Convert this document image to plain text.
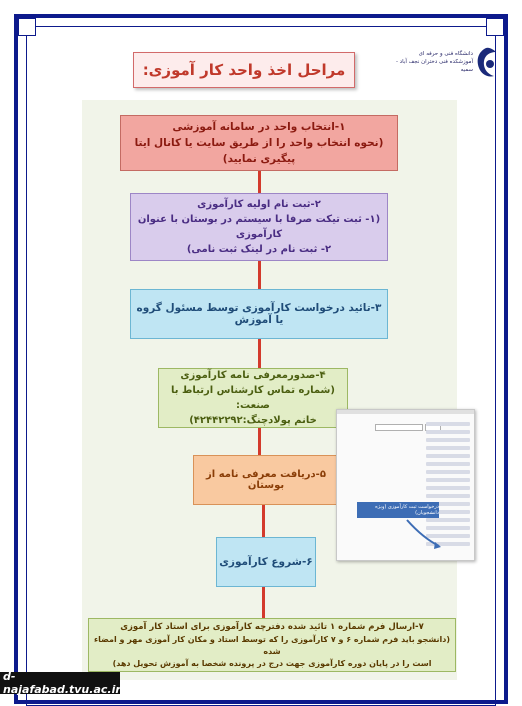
مراحل اخذ واحد کار آموزی:
دانشگاه فنی و حرفه ای
آموزشکده فنی دختران نجف آباد - سمیه
۱-انتخاب واحد در سامانه آموزشی
(نحوه انتخاب واحد را از طریق سایت یا کانال ایتا پیگیری نمایید)
۲-ثبت نام اولیه کارآموزی
(۱- ثبت تیکت صرفا با سیستم در بوستان با عنوان کارآموزی
۲- ثبت نام در لینک ثبت نامی)
۳-تائید درخواست کارآموزی توسط مسئول گروه یا آموزش
۴-صدورمعرفی نامه کارآموزی
(شماره تماس کارشناس ارتباط با صنعت:
خانم پولادچنگ:۴۲۴۴۲۲۹۲)
۵-دریافت معرفی نامه از بوستان
۶-شروع کارآموزی
۷-ارسال فرم شماره ۱ تائید شده دفترچه کارآموزی برای استاد کار آموزی
(دانشجو باید فرم شماره ۶ و ۷ کارآموزی را که توسط استاد و مکان کار آموزی مهر و امضاء شده
است را در پایان دوره کارآموزی جهت درج در پرونده شخصا به آموزش تحویل دهد)
درخواست ثبت کارآموزی (ویژه دانشجویان)
d-najafabad.tvu.ac.ir
